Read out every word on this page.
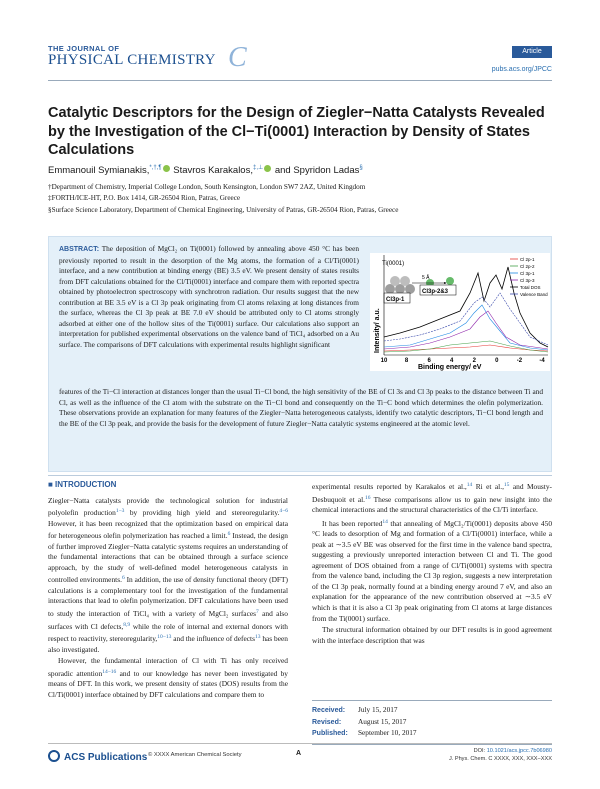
THE JOURNAL OF
PHYSICAL CHEMISTRY C	Article
pubs.acs.org/JPCC
Catalytic Descriptors for the Design of Ziegler−Natta Catalysts Revealed by the Investigation of the Cl−Ti(0001) Interaction by Density of States Calculations
Emmanouil Symianakis,*,†,¶ Stavros Karakalos,‡,⊥ and Spyridon Ladas§
†Department of Chemistry, Imperial College London, South Kensington, London SW7 2AZ, United Kingdom
‡FORTH/ICE-HT, P.O. Box 1414, GR-26504 Rion, Patras, Greece
§Surface Science Laboratory, Department of Chemical Engineering, University of Patras, GR-26504 Rion, Patras, Greece
ABSTRACT: The deposition of MgCl₂ on Ti(0001) followed by annealing above 450 °C has been previously reported to result in the desorption of the Mg atoms, the formation of a Cl/Ti(0001) interface, and a new contribution at binding energy (BE) 3.5 eV. We present density of states results from DFT calculations obtained for the Cl/Ti(0001) interface and compare them with reported spectra obtained by photoelectron spectroscopy with synchrotron radiation. Our results suggest that the new contribution at BE 3.5 eV is a Cl 3p peak originating from Cl atoms relaxing at long distances from the surface, whereas the Cl 3p peak at BE 7.0 eV should be attributed only to Cl atoms strongly adsorbed at either one of the hollow sites of the Ti(0001) surface. Our calculations also support an interpretation for published experimental observations on the valence band of TiCl₄ adsorbed on a Au surface. The comparisons of DFT calculations with experimental results highlight significant
features of the Ti−Cl interaction at distances longer than the usual Ti−Cl bond, the high sensitivity of the BE of Cl 3s and Cl 3p peaks to the distance between Ti and Cl, as well as the influence of the Cl atom with the substrate on the Ti−Cl bond and consequently on the Ti−C bond which determines the olefin polymerization. These observations provide an explanation for many features of the Ziegler−Natta heterogeneous catalysts, identify two catalytic descriptors, Ti−Cl bond length and the BE of the Cl 3p peak, and provide the basis for the development of future Ziegler−Natta catalytic systems engineered at the atomic level.
Ti(0001)
5 Å
Cl3p-1
Cl3p-2&3
Intensity/ a.u.
Binding energy/ eV
10	8	6	4	2	0	-2	-4
Cl 2p-1
Cl 2p-2
Cl 3p-1
Cl 3p-3
Total DOS
Valence Band
■ INTRODUCTION

Ziegler−Natta catalysts provide the technological solution for industrial polyolefin production$^{1-3}$ by providing high yield and stereoregularity.$^{4-6}$ However, it has been recognized that the optimization based on empirical data for heterogeneous olefin polymerization has reached a limit.$^6$ Instead, the design of further improved Ziegler−Natta catalytic systems requires an understanding of the fundamental interactions that can be obtained through a surface science approach, by the study of well-defined model heterogeneous catalysts in controlled environments.$^6$ In addition, the use of density functional theory (DFT) calculations is a complementary tool for the investigation of the fundamental interactions that lead to olefin polymerization. DFT calculations have been used to study the interaction of TiCl₄ with a variety of MgCl₂ surfaces$^7$ and also surfaces with Cl defects,$^{8,9}$ while the role of internal and external donors with respect to reactivity, stereoregularity,$^{10-13}$ and the influence of defects$^{13}$ has been also investigated.

However, the fundamental interaction of Cl with Ti has only received sporadic attention$^{14-16}$ and to our knowledge has never been investigated by means of DFT. In this work, we present density of states (DOS) results from the Cl/Ti(0001) interface obtained by DFT calculations and compare them to

experimental results reported by Karakalos et al.,$^{14}$ Ri et al.,$^{15}$ and Mousty-Desbuquoit et al.$^{16}$ These comparisons allow us to gain new insight into the chemical interactions and the structural characteristics of the Cl/Ti interface.

It has been reported$^{14}$ that annealing of MgCl₂/Ti(0001) deposits above 450 °C leads to desorption of Mg and formation of a Cl/Ti(0001) interface, while a peak at ∼3.5 eV BE was observed for the first time in the valence band spectra, suggesting a previously unreported interaction between Cl and Ti. The good agreement of DOS obtained from a range of Cl/Ti(0001) systems with spectra from the valence band, including the Cl 3p region, suggests a new interpretation of the Cl 3p peak, normally found at a binding energy around 7 eV, and also an explanation for the appearance of the new contribution observed at ∼3.5 eV which is that it is also a Cl 3p peak originating from Cl atoms at large distances from the Ti(0001) surface.

The structural information obtained by our DFT results is in good agreement with the interface description that was

Received: July 15, 2017
Revised: August 15, 2017
Published: September 10, 2017
ACS Publications © XXXX American Chemical Society	A	DOI: 10.1021/acs.jpcc.7b06980
J. Phys. Chem. C XXXX, XXX, XXX−XXX
